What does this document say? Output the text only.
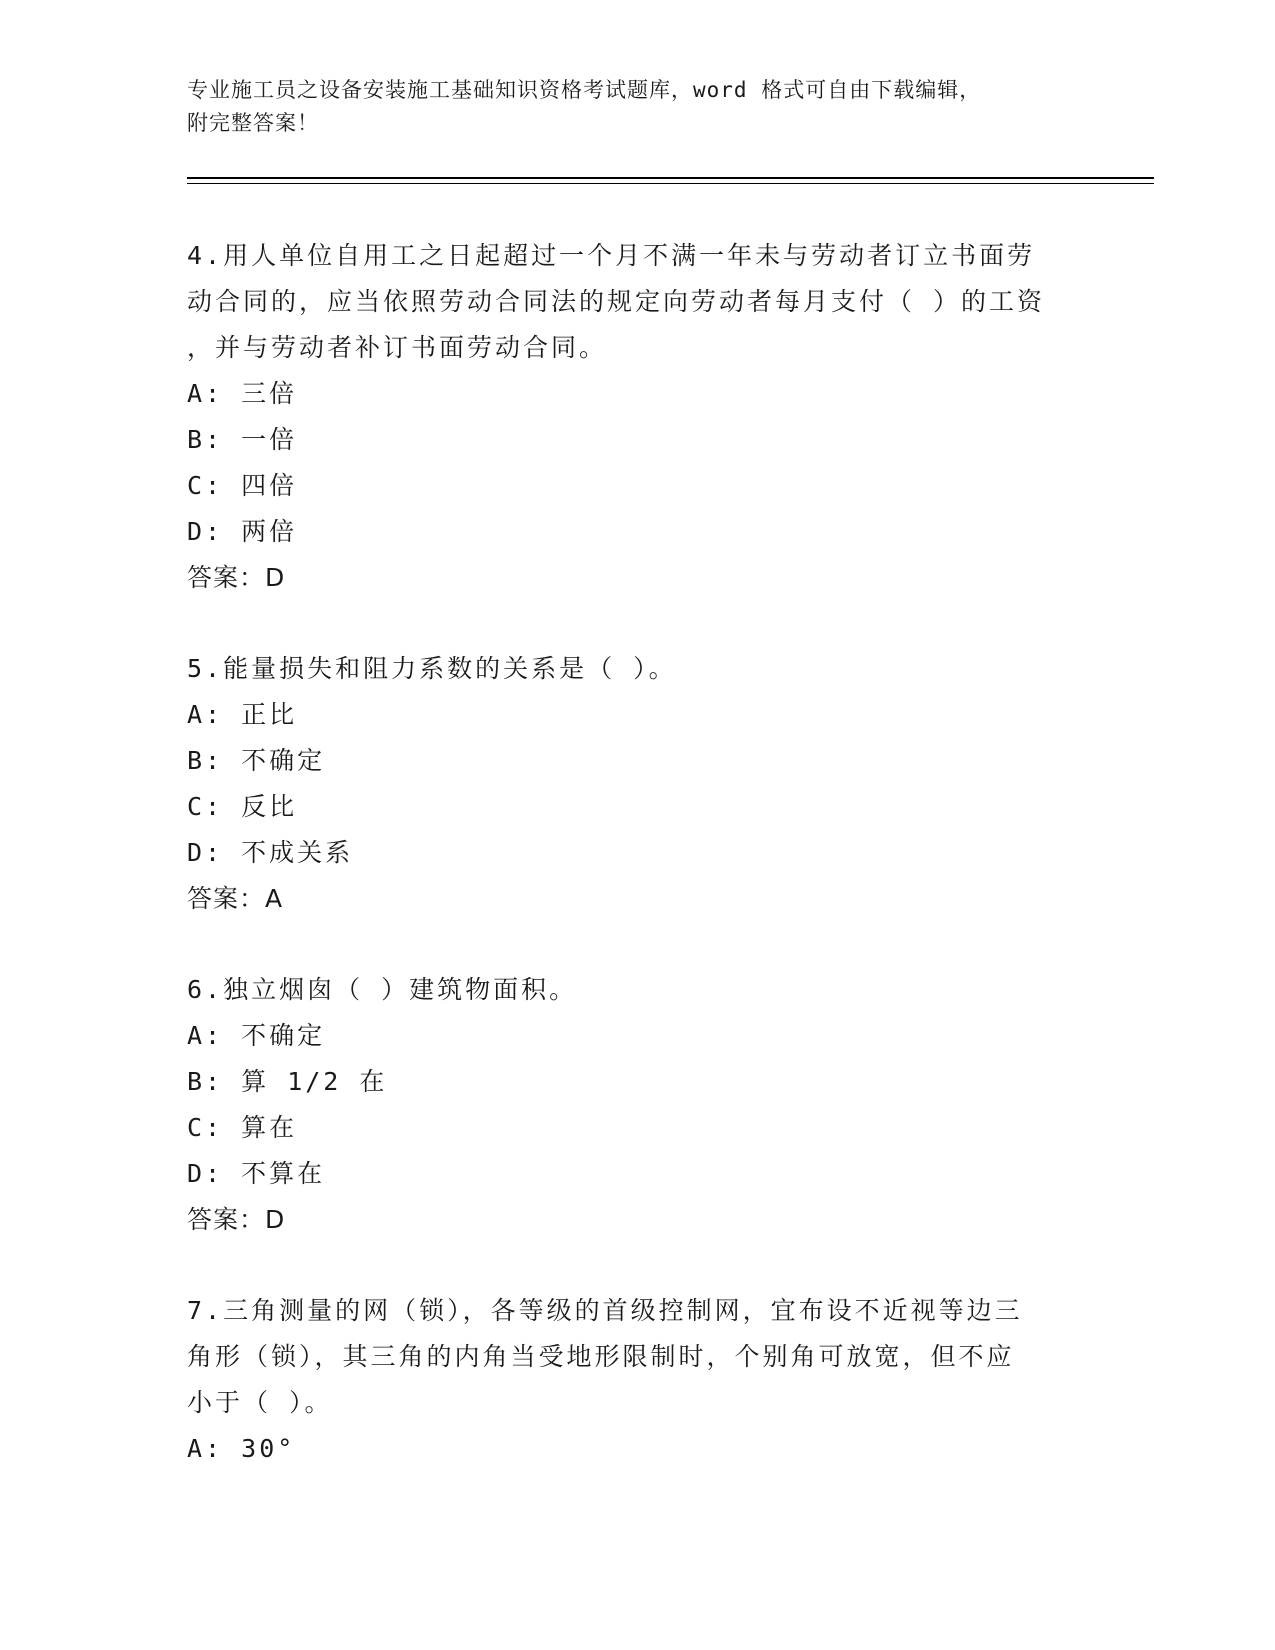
专业施工员之设备安装施工基础知识资格考试题库，word 格式可自由下载编辑，
附完整答案！
4.用人单位自用工之日起超过一个月不满一年未与劳动者订立书面劳
动合同的，应当依照劳动合同法的规定向劳动者每月支付（ ）的工资
，并与劳动者补订书面劳动合同。
A: 三倍
B: 一倍
C: 四倍
D: 两倍
答案：D
5.能量损失和阻力系数的关系是（ ）。
A: 正比
B: 不确定
C: 反比
D: 不成关系
答案：A
6.独立烟囱（ ）建筑物面积。
A: 不确定
B: 算 1/2 在
C: 算在
D: 不算在
答案：D
7.三角测量的网（锁），各等级的首级控制网，宜布设不近视等边三
角形（锁），其三角的内角当受地形限制时，个别角可放宽，但不应
小于（ ）。
A: 30°
